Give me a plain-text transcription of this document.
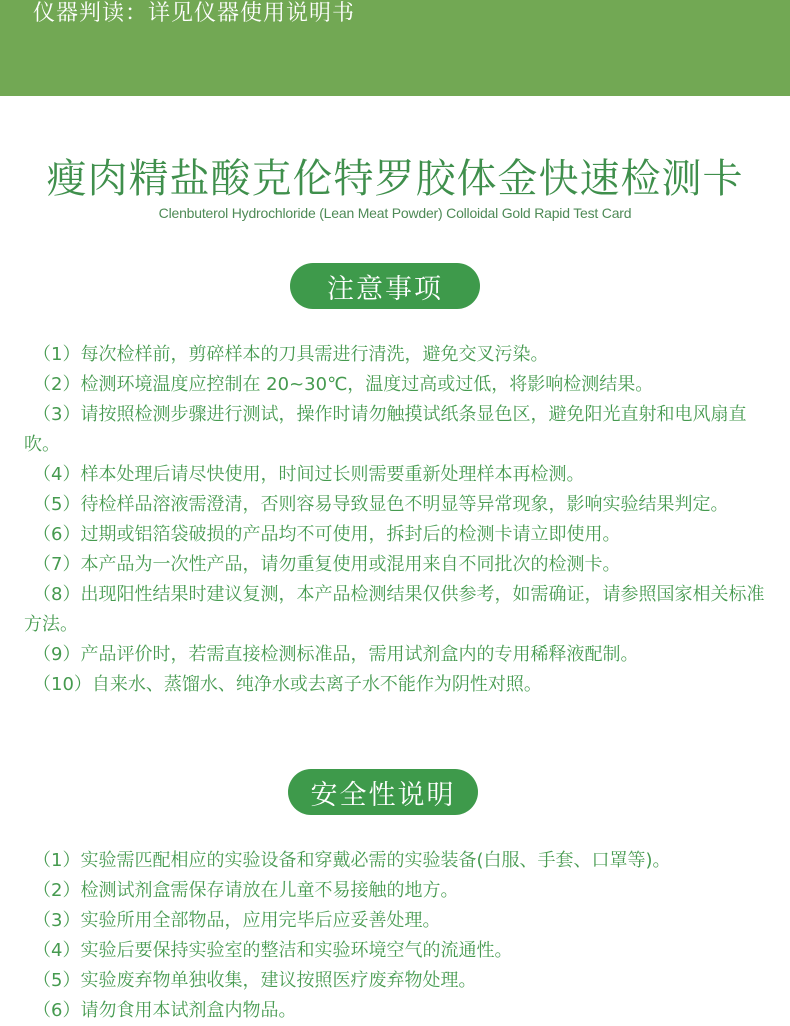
仪器判读：详见仪器使用说明书
瘦肉精盐酸克伦特罗胶体金快速检测卡
Clenbuterol Hydrochloride (Lean Meat Powder) Colloidal Gold Rapid Test Card
注意事项
（1）每次检样前，剪碎样本的刀具需进行清洗，避免交叉污染。
（2）检测环境温度应控制在 20~30℃，温度过高或过低，将影响检测结果。
（3）请按照检测步骤进行测试，操作时请勿触摸试纸条显色区，避免阳光直射和电风扇直吹。
（4）样本处理后请尽快使用，时间过长则需要重新处理样本再检测。
（5）待检样品溶液需澄清，否则容易导致显色不明显等异常现象，影响实验结果判定。
（6）过期或铝箔袋破损的产品均不可使用，拆封后的检测卡请立即使用。
（7）本产品为一次性产品，请勿重复使用或混用来自不同批次的检测卡。
（8）出现阳性结果时建议复测，本产品检测结果仅供参考，如需确证，请参照国家相关标准方法。
（9）产品评价时，若需直接检测标准品，需用试剂盒内的专用稀释液配制。
（10）自来水、蒸馏水、纯净水或去离子水不能作为阴性对照。
安全性说明
（1）实验需匹配相应的实验设备和穿戴必需的实验装备(白服、手套、口罩等)。
（2）检测试剂盒需保存请放在儿童不易接触的地方。
（3）实验所用全部物品，应用完毕后应妥善处理。
（4）实验后要保持实验室的整洁和实验环境空气的流通性。
（5）实验废弃物单独收集，建议按照医疗废弃物处理。
（6）请勿食用本试剂盒内物品。
